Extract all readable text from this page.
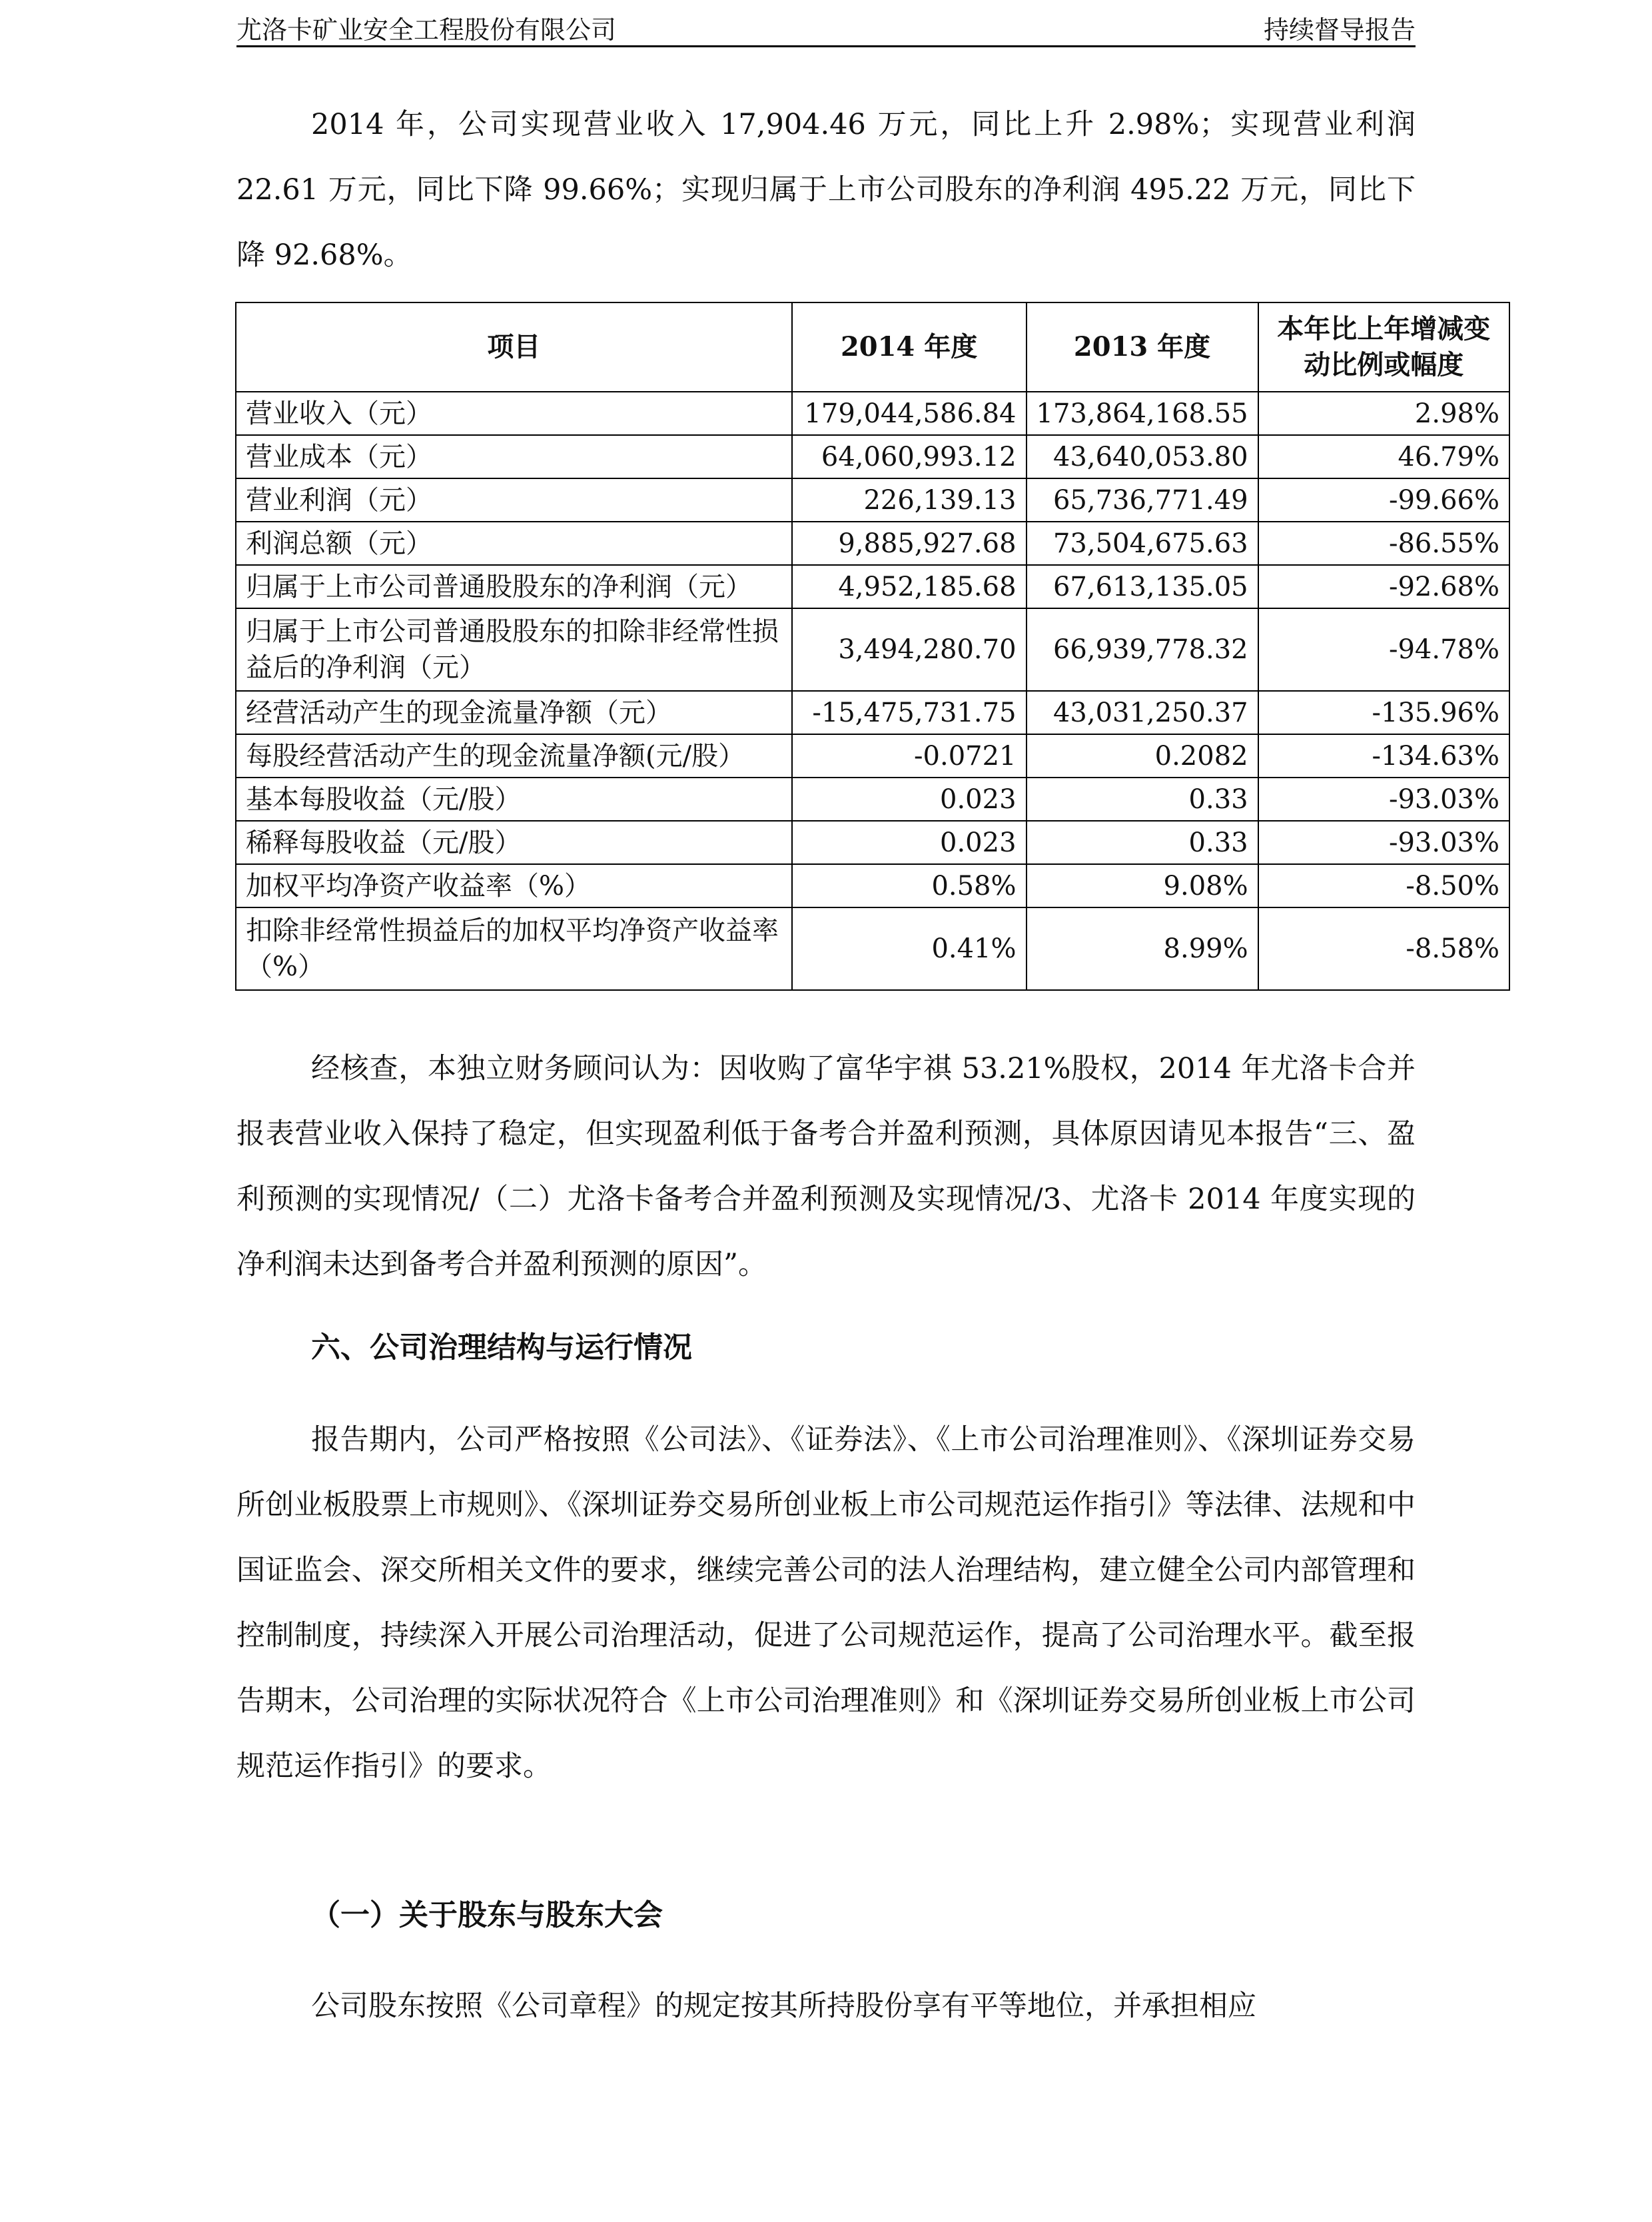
尤洛卡矿业安全工程股份有限公司	持续督导报告

2014 年，公司实现营业收入 17,904.46 万元，同比上升 2.98%；实现营业利润 22.61 万元，同比下降 99.66%；实现归属于上市公司股东的净利润 495.22 万元，同比下降 92.68%。

项目	2014 年度	2013 年度	本年比上年增减变动比例或幅度
营业收入（元）	179,044,586.84	173,864,168.55	2.98%
营业成本（元）	64,060,993.12	43,640,053.80	46.79%
营业利润（元）	226,139.13	65,736,771.49	-99.66%
利润总额（元）	9,885,927.68	73,504,675.63	-86.55%
归属于上市公司普通股股东的净利润（元）	4,952,185.68	67,613,135.05	-92.68%
归属于上市公司普通股股东的扣除非经常性损益后的净利润（元）	3,494,280.70	66,939,778.32	-94.78%
经营活动产生的现金流量净额（元）	-15,475,731.75	43,031,250.37	-135.96%
每股经营活动产生的现金流量净额(元/股）	-0.0721	0.2082	-134.63%
基本每股收益（元/股）	0.023	0.33	-93.03%
稀释每股收益（元/股）	0.023	0.33	-93.03%
加权平均净资产收益率（%）	0.58%	9.08%	-8.50%
扣除非经常性损益后的加权平均净资产收益率（%）	0.41%	8.99%	-8.58%

经核查，本独立财务顾问认为：因收购了富华宇祺 53.21%股权，2014 年尤洛卡合并报表营业收入保持了稳定，但实现盈利低于备考合并盈利预测，具体原因请见本报告“三、盈利预测的实现情况/（二）尤洛卡备考合并盈利预测及实现情况/3、尤洛卡 2014 年度实现的净利润未达到备考合并盈利预测的原因”。

六、公司治理结构与运行情况

报告期内，公司严格按照《公司法》、《证券法》、《上市公司治理准则》、《深圳证券交易所创业板股票上市规则》、《深圳证券交易所创业板上市公司规范运作指引》等法律、法规和中国证监会、深交所相关文件的要求，继续完善公司的法人治理结构，建立健全公司内部管理和控制制度，持续深入开展公司治理活动，促进了公司规范运作，提高了公司治理水平。截至报告期末，公司治理的实际状况符合《上市公司治理准则》和《深圳证券交易所创业板上市公司规范运作指引》的要求。

（一）关于股东与股东大会

公司股东按照《公司章程》的规定按其所持股份享有平等地位，并承担相应
